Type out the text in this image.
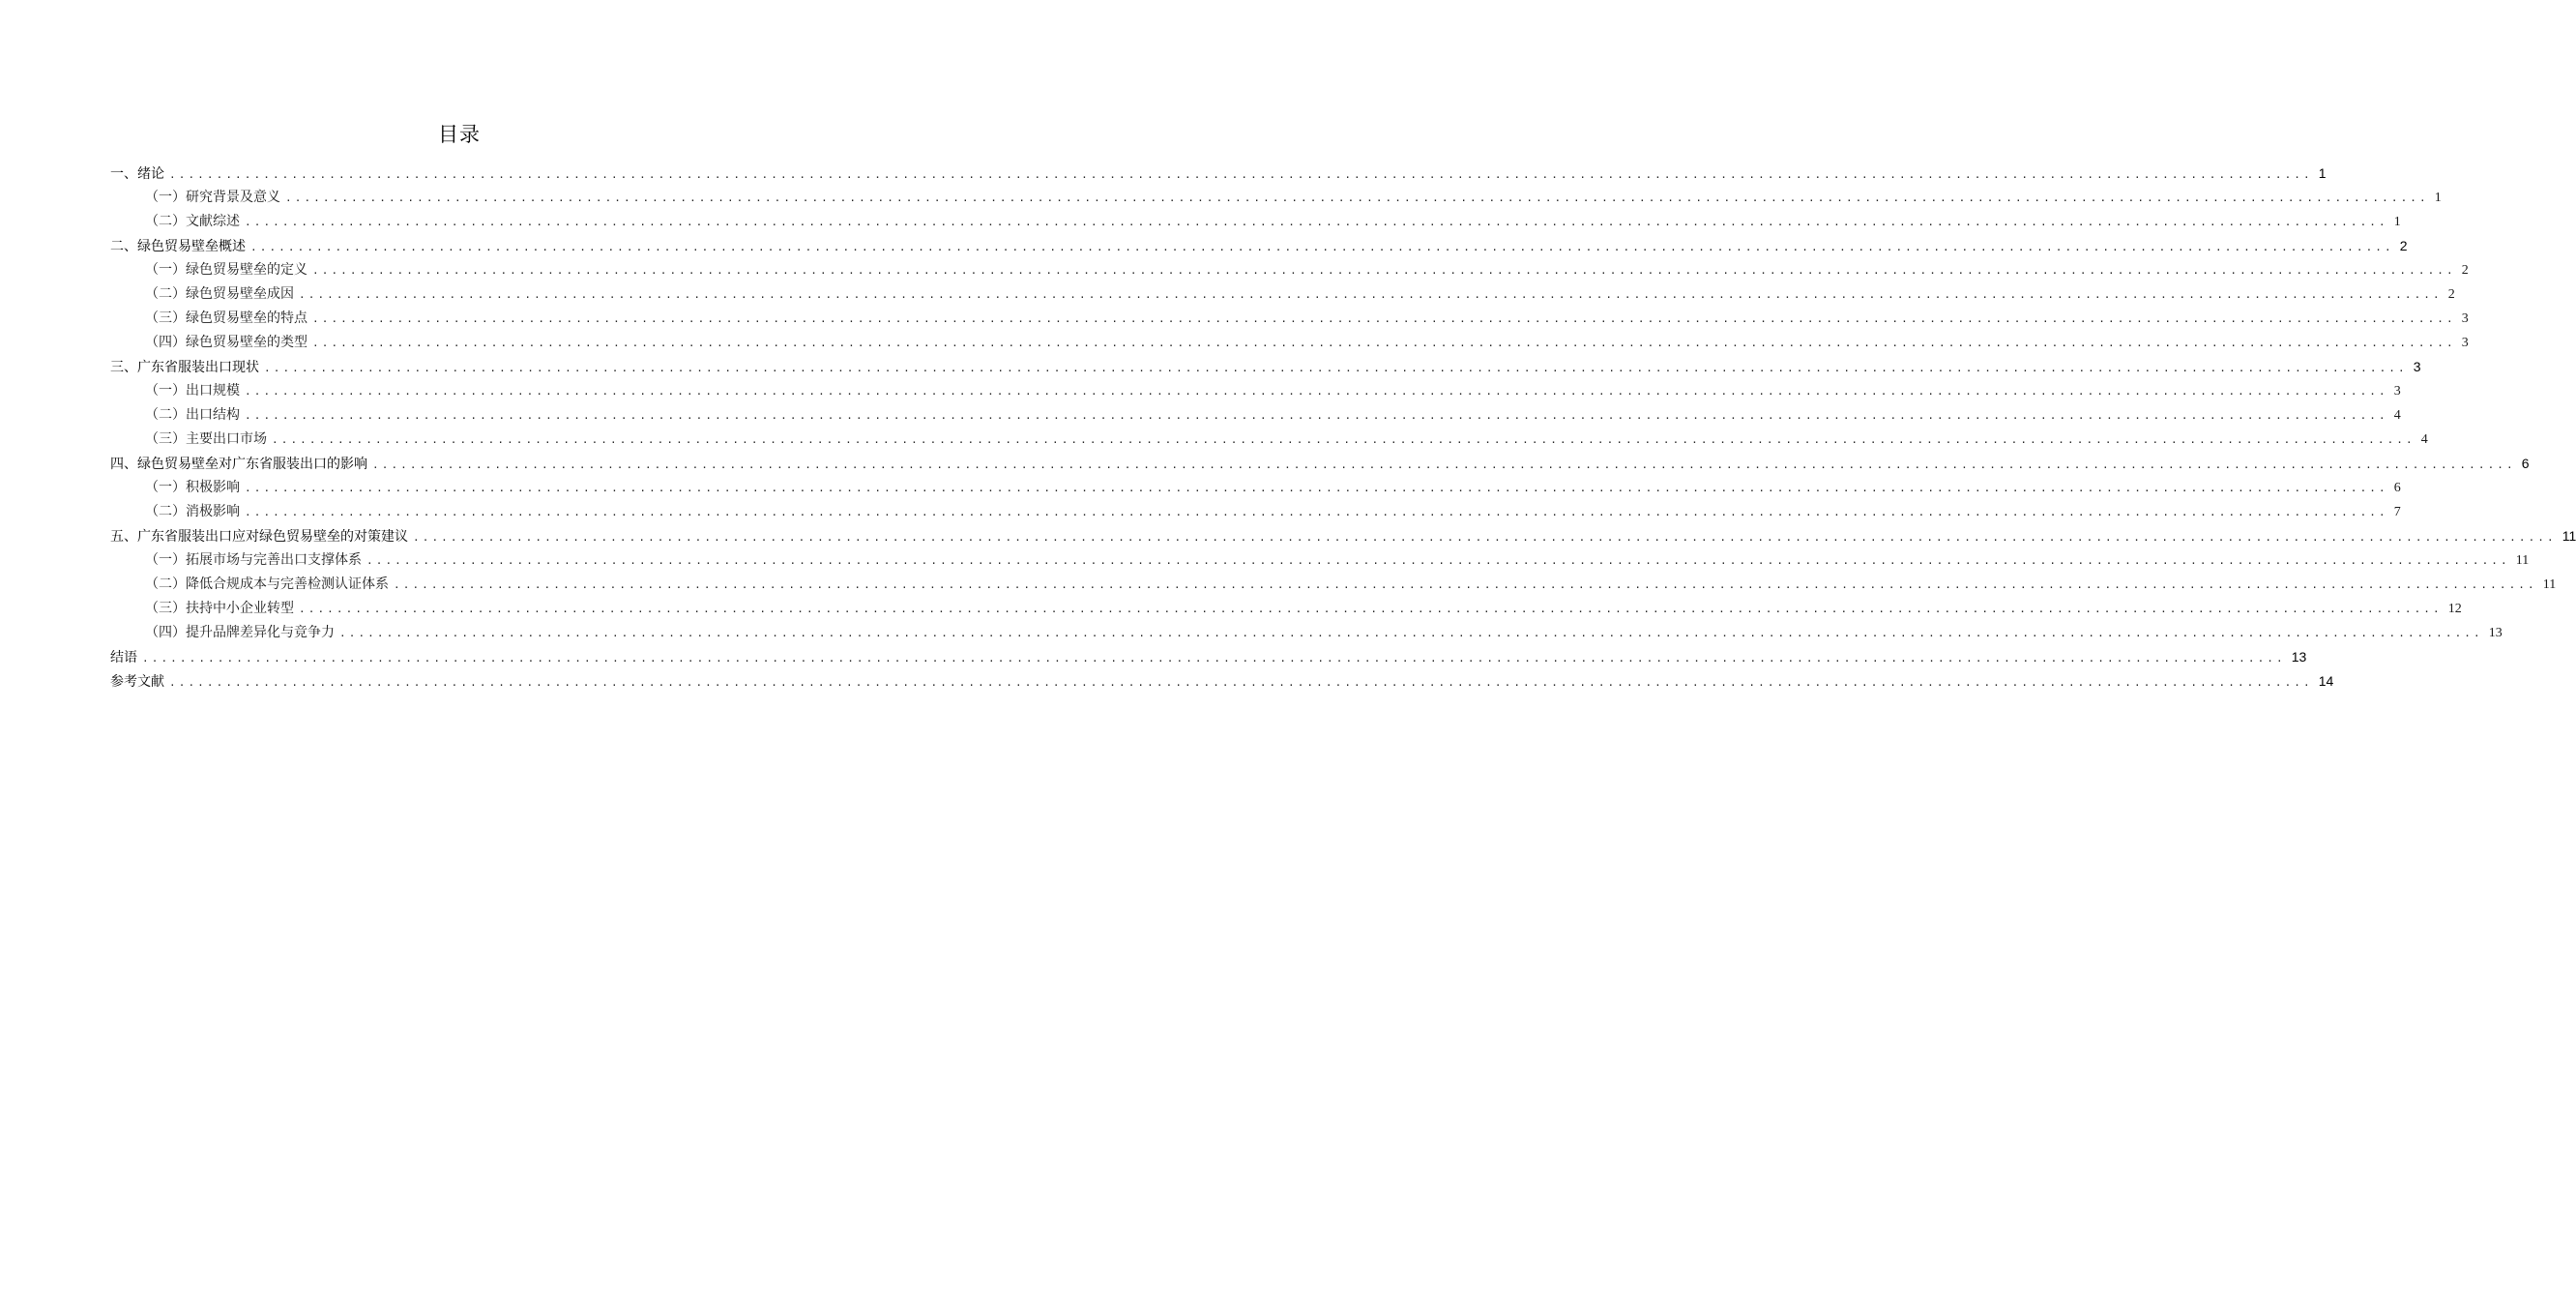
目录
一、绪论 .................................................................................................................................................................................................................................... 1
（一）研究背景及意义 .................................................................................................................................................................................................................................... 1
（二）文献综述 .................................................................................................................................................................................................................................... 1
二、绿色贸易壁垒概述 .................................................................................................................................................................................................................................... 2
（一）绿色贸易壁垒的定义 .................................................................................................................................................................................................................................... 2
（二）绿色贸易壁垒成因 .................................................................................................................................................................................................................................... 2
（三）绿色贸易壁垒的特点 .................................................................................................................................................................................................................................... 3
（四）绿色贸易壁垒的类型 .................................................................................................................................................................................................................................... 3
三、广东省服装出口现状 .................................................................................................................................................................................................................................... 3
（一）出口规模 .................................................................................................................................................................................................................................... 3
（二）出口结构 .................................................................................................................................................................................................................................... 4
（三）主要出口市场 .................................................................................................................................................................................................................................... 4
四、绿色贸易壁垒对广东省服装出口的影响 .................................................................................................................................................................................................................................... 6
（一）积极影响 .................................................................................................................................................................................................................................... 6
（二）消极影响 .................................................................................................................................................................................................................................... 7
五、广东省服装出口应对绿色贸易壁垒的对策建议 .................................................................................................................................................................................................................................... 11
（一）拓展市场与完善出口支撑体系 .................................................................................................................................................................................................................................... 11
（二）降低合规成本与完善检测认证体系 .................................................................................................................................................................................................................................... 11
（三）扶持中小企业转型 .................................................................................................................................................................................................................................... 12
（四）提升品牌差异化与竞争力 .................................................................................................................................................................................................................................... 13
结语 .................................................................................................................................................................................................................................... 13
参考文献 .................................................................................................................................................................................................................................... 14
